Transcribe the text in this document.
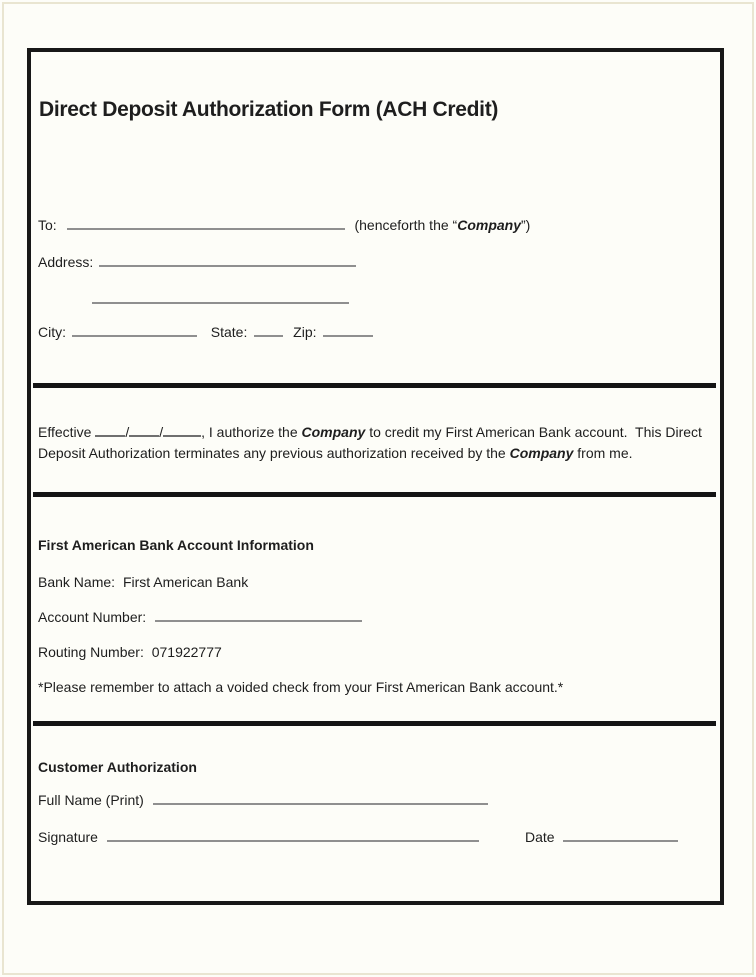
Direct Deposit Authorization Form (ACH Credit)
To:	(henceforth the “Company”)
Address:
City:	State:	Zip:
Effective / /	, I authorize the Company to credit my First American Bank account.  This Direct Deposit Authorization terminates any previous authorization received by the Company from me.
First American Bank Account Information
Bank Name: First American Bank
Account Number:
Routing Number: 071922777
*Please remember to attach a voided check from your First American Bank account.*
Customer Authorization
Full Name (Print)
Signature	Date
